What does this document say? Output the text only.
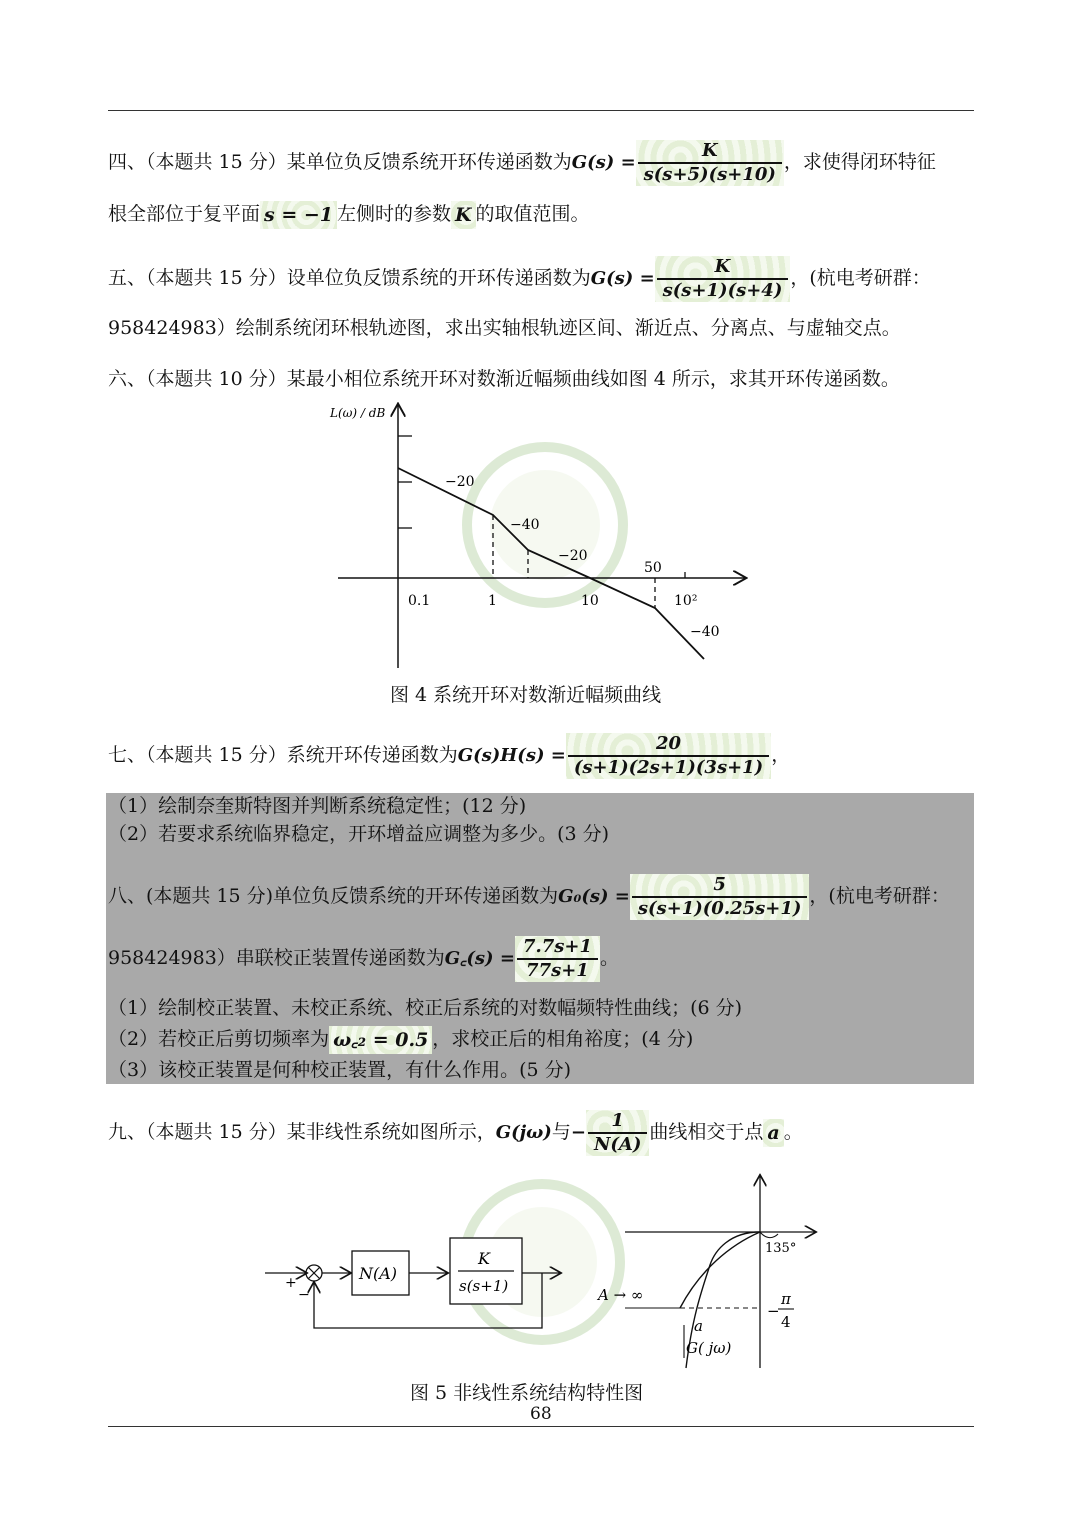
四、（本题共 15 分）某单位负反馈系统开环传递函数为$G(s) = \frac{K}{s(s+5)(s+10)}$ ，求使得闭环特征
根全部位于复平面 s = −1 左侧时的参数 K 的取值范围。
五、（本题共 15 分）设单位负反馈系统的开环传递函数为$G(s) = \frac{K}{s(s+1)(s+4)}$ ，(杭电考研群：
958424983）绘制系统闭环根轨迹图，求出实轴根轨迹区间、渐近点、分离点、与虚轴交点。
六、（本题共 10 分）某最小相位系统开环对数渐近幅频曲线如图 4 所示，求其开环传递函数。
L(ω) / dB
−20
−40
−20
−40
0.1	1	10
50
10²
图 4 系统开环对数渐近幅频曲线
七、（本题共 15 分）系统开环传递函数为$G(s)H(s) = \frac{20}{(s+1)(2s+1)(3s+1)}$ ，
（1）绘制奈奎斯特图并判断系统稳定性；(12 分)
（2）若要求系统临界稳定，开环增益应调整为多少。(3 分)
八、(本题共 15 分)单位负反馈系统的开环传递函数为$G_0(s) = \frac{5}{s(s+1)(0.25s+1)}$ ，(杭电考研群：
958424983）串联校正装置传递函数为G꜀(s) = $\frac{7.7s+1}{77s+1}$ 。
（1）绘制校正装置、未校正系统、校正后系统的对数幅频特性曲线；(6 分)
（2）若校正后剪切频率为 ω꜀₂ = 0.5 ，求校正后的相角裕度；(4 分)
（3）该校正装置是何种校正装置，有什么作用。(5 分)
九、（本题共 15 分）某非线性系统如图所示，G(jω)与− $\frac{1}{N(A)}$ 曲线相交于点 a 。
+
−
N(A)
K
s(s+1)
135°
A → ∞
a
G( jω)
−
π
4
图 5 非线性系统结构特性图
68
